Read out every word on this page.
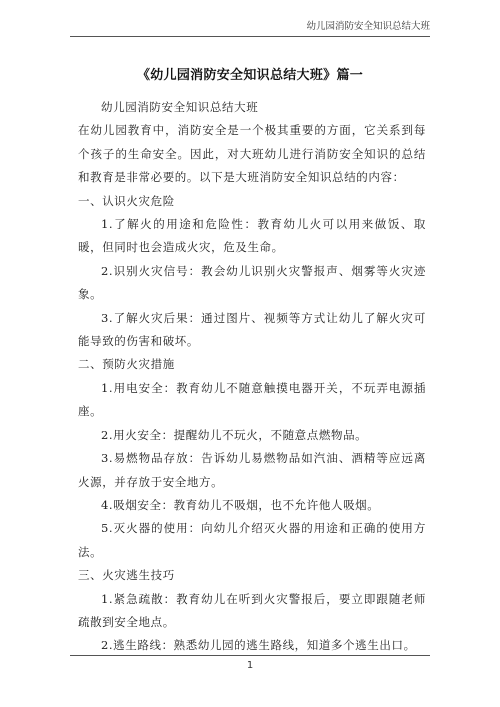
幼儿园消防安全知识总结大班
《幼儿园消防安全知识总结大班》篇一

幼儿园消防安全知识总结大班

在幼儿园教育中，消防安全是一个极其重要的方面，它关系到每个孩子的生命安全。因此，对大班幼儿进行消防安全知识的总结和教育是非常必要的。以下是大班消防安全知识总结的内容：

一、认识火灾危险

1.了解火的用途和危险性：教育幼儿火可以用来做饭、取暖，但同时也会造成火灾，危及生命。

2.识别火灾信号：教会幼儿识别火灾警报声、烟雾等火灾迹象。

3.了解火灾后果：通过图片、视频等方式让幼儿了解火灾可能导致的伤害和破坏。

二、预防火灾措施

1.用电安全：教育幼儿不随意触摸电器开关，不玩弄电源插座。

2.用火安全：提醒幼儿不玩火，不随意点燃物品。

3.易燃物品存放：告诉幼儿易燃物品如汽油、酒精等应远离火源，并存放于安全地方。

4.吸烟安全：教育幼儿不吸烟，也不允许他人吸烟。

5.灭火器的使用：向幼儿介绍灭火器的用途和正确的使用方法。

三、火灾逃生技巧

1.紧急疏散：教育幼儿在听到火灾警报后，要立即跟随老师疏散到安全地点。

2.逃生路线：熟悉幼儿园的逃生路线，知道多个逃生出口。

1
